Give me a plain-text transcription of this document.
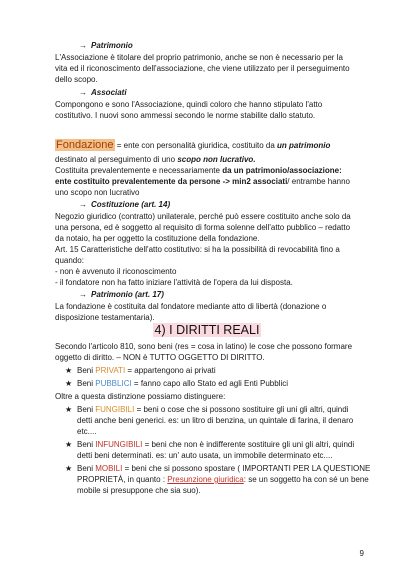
→ Patrimonio
L'Associazione è titolare del proprio patrimonio, anche se non è necessario per la
vita ed il riconoscimento dell'associazione, che viene utilizzato per il perseguimento
dello scopo.
→ Associati
Compongono e sono l'Associazione, quindi coloro che hanno stipulato l'atto
costitutivo. I nuovi sono ammessi secondo le norme stabilite dallo statuto.
Fondazione = ente con personalità giuridica, costituito da un patrimonio
destinato al perseguimento di uno scopo non lucrativo.
Costituita prevalentemente e necessariamente da un patrimonio/associazione:
ente costituito prevalentemente da persone -> min2 associati/ entrambe hanno
uno scopo non lucrativo
→ Costituzione (art. 14)
Negozio giuridico (contratto) unilaterale, perché può essere costituito anche solo da
una persona, ed è soggetto al requisito di forma solenne dell'atto pubblico – redatto
da notaio, ha per oggetto la costituzione della fondazione.
Art. 15 Caratteristiche dell'atto costitutivo: si ha la possibilità di revocabilità fino a
quando:
- non è avvenuto il riconoscimento
- il fondatore non ha fatto iniziare l'attività de l'opera da lui disposta.
→ Patrimonio (art. 17)
La fondazione è costituita dal fondatore mediante atto di libertà (donazione o
disposizione testamentaria).
4) I DIRITTI REALI
Secondo l'articolo 810, sono beni (res = cosa in latino) le cose che possono formare
oggetto di diritto. – NON è TUTTO OGGETTO DI DIRITTO.
★ Beni PRIVATI = appartengono ai privati
★ Beni PUBBLICI = fanno capo allo Stato ed agli Enti Pubblici
Oltre a questa distinzione possiamo distinguere:
★ Beni FUNGIBILI = beni o cose che si possono sostituire gli uni gli altri, quindi
detti anche beni generici. es: un litro di benzina, un quintale di farina, il denaro
etc....
★ Beni INFUNGIBILI = beni che non è indifferente sostituire gli uni gli altri, quindi
detti beni determinati. es: un' auto usata, un immobile determinato etc....
★ Beni MOBILI = beni che si possono spostare ( IMPORTANTI PER LA QUESTIONE
PROPRIETÀ, in quanto : Presunzione giuridica: se un soggetto ha con sé un bene
mobile si presuppone che sia suo).
9
